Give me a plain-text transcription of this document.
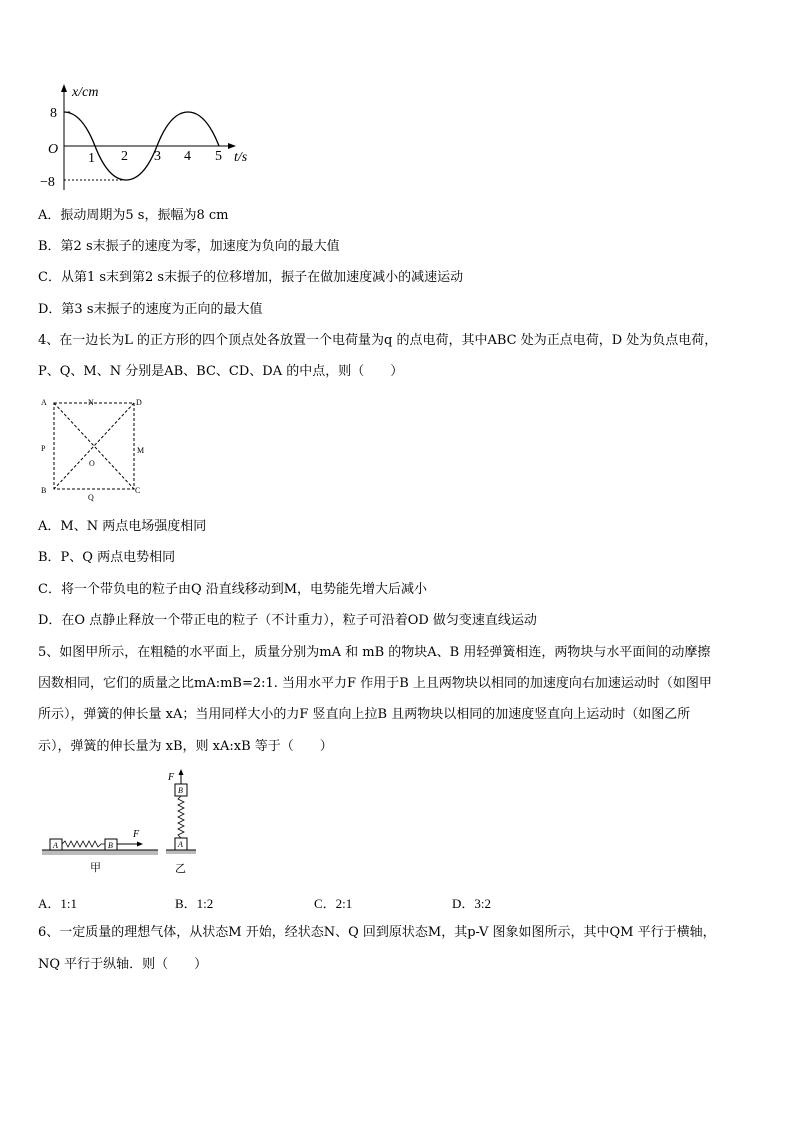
x/cm
8
−8
O
1 2 3 4 5 t/s
A．振动周期为5 s，振幅为8 cm
B．第2 s末振子的速度为零，加速度为负向的最大值
C．从第1 s末到第2 s末振子的位移增加，振子在做加速度减小的减速运动
D．第3 s末振子的速度为正向的最大值
4、在一边长为L 的正方形的四个顶点处各放置一个电荷量为q 的点电荷，其中ABC 处为正点电荷，D 处为负点电荷，
P、Q、M、N 分别是AB、BC、CD、DA 的中点，则（　　）
A	N	D
P
O
M
B
Q
C
A．M、N 两点电场强度相同
B．P、Q 两点电势相同
C．将一个带负电的粒子由Q 沿直线移动到M，电势能先增大后减小
D．在O 点静止释放一个带正电的粒子（不计重力），粒子可沿着OD 做匀变速直线运动
5、如图甲所示，在粗糙的水平面上，质量分别为mA 和 mB 的物块A、B 用轻弹簧相连，两物块与水平面间的动摩擦
因数相同，它们的质量之比mA:mB=2:1. 当用水平力F 作用于B 上且两物块以相同的加速度向右加速运动时（如图甲
所示），弹簧的伸长量 xA；当用同样大小的力F 竖直向上拉B 且两物块以相同的加速度竖直向上运动时（如图乙所
示），弹簧的伸长量为 xB，则 xA:xB 等于（　　）
A	B
F
甲
F
B
A
乙
A．1:1	B．1:2	C．2:1	D．3:2
6、一定质量的理想气体，从状态M 开始，经状态N、Q 回到原状态M，其p-V 图象如图所示，其中QM 平行于横轴，
NQ 平行于纵轴．则（　　）
